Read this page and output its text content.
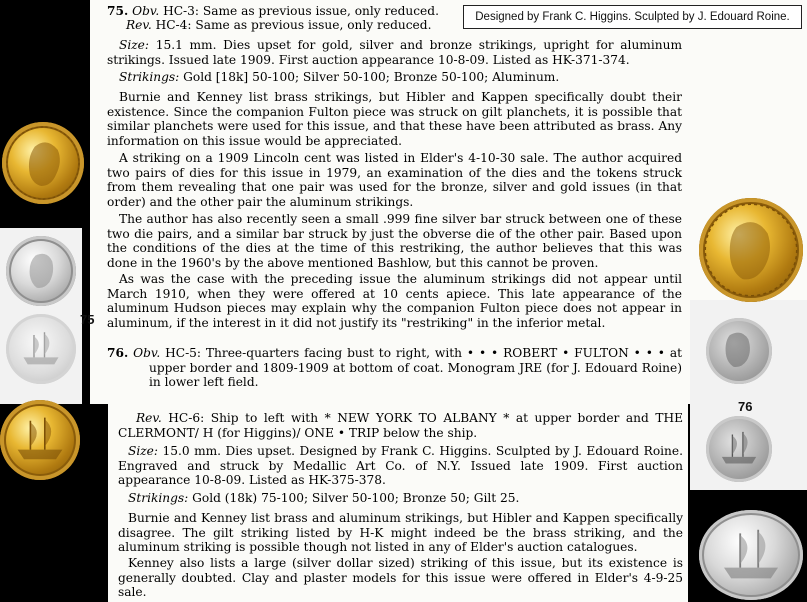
Designed by Frank C. Higgins. Sculpted by J. Edouard Roine.
75. Obv. HC-3: Same as previous issue, only reduced.
Rev. HC-4: Same as previous issue, only reduced.
Size: 15.1 mm. Dies upset for gold, silver and bronze strikings, upright for aluminum strikings. Issued late 1909. First auction appearance 10-8-09. Listed as HK-371-374.
Strikings: Gold [18k] 50-100; Silver 50-100; Bronze 50-100; Aluminum.

Burnie and Kenney list brass strikings, but Hibler and Kappen specifically doubt their existence. Since the companion Fulton piece was struck on gilt planchets, it is possible that similar planchets were used for this issue, and that these have been attributed as brass. Any information on this issue would be appreciated.

A striking on a 1909 Lincoln cent was listed in Elder's 4-10-30 sale. The author acquired two pairs of dies for this issue in 1979, an examination of the dies and the tokens struck from them revealing that one pair was used for the bronze, silver and gold issues (in that order) and the other pair the aluminum strikings.

The author has also recently seen a small .999 fine silver bar struck between one of these two die pairs, and a similar bar struck by just the obverse die of the other pair. Based upon the conditions of the dies at the time of this restriking, the author believes that this was done in the 1960's by the above mentioned Bashlow, but this cannot be proven.

As was the case with the preceding issue the aluminum strikings did not appear until March 1910, when they were offered at 10 cents apiece. This late appearance of the aluminum Hudson pieces may explain why the companion Fulton piece does not appear in aluminum, if the interest in it did not justify its "restriking" in the inferior metal.

76. Obv. HC-5: Three-quarters facing bust to right, with • • • ROBERT • FULTON • • • at upper border and 1809-1909 at bottom of coat. Monogram JRE (for J. Edouard Roine) in lower left field.
Rev. HC-6: Ship to left with * NEW YORK TO ALBANY * at upper border and THE CLERMONT/ H (for Higgins)/ ONE • TRIP below the ship.
Size: 15.0 mm. Dies upset. Designed by Frank C. Higgins. Sculpted by J. Edouard Roine. Engraved and struck by Medallic Art Co. of N.Y. Issued late 1909. First auction appearance 10-8-09. Listed as HK-375-378.
Strikings: Gold (18k) 75-100; Silver 50-100; Bronze 50; Gilt 25.

Burnie and Kenney list brass and aluminum strikings, but Hibler and Kappen specifically disagree. The gilt striking listed by H-K might indeed be the brass striking, and the aluminum striking is possible though not listed in any of Elder's auction catalogues.

Kenney also lists a large (silver dollar sized) striking of this issue, but its existence is generally doubted. Clay and plaster models for this issue were offered in Elder's 4-9-25 sale.

75
76
